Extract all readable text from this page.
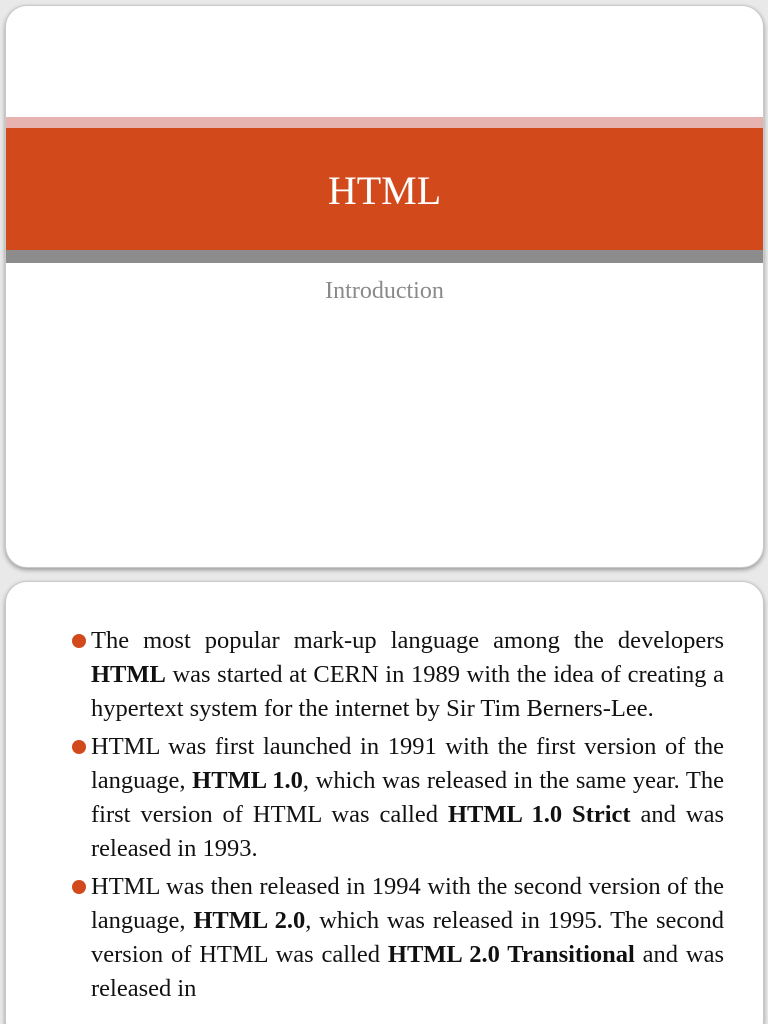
HTML
Introduction
The most popular mark-up language among the developers HTML was started at CERN in 1989 with the idea of creating a hypertext system for the internet by Sir Tim Berners-Lee.
HTML was first launched in 1991 with the first version of the language, HTML 1.0, which was released in the same year. The first version of HTML was called HTML 1.0 Strict and was released in 1993.
HTML was then released in 1994 with the second version of the language, HTML 2.0, which was released in 1995. The second version of HTML was called HTML 2.0 Transitional and was released in
